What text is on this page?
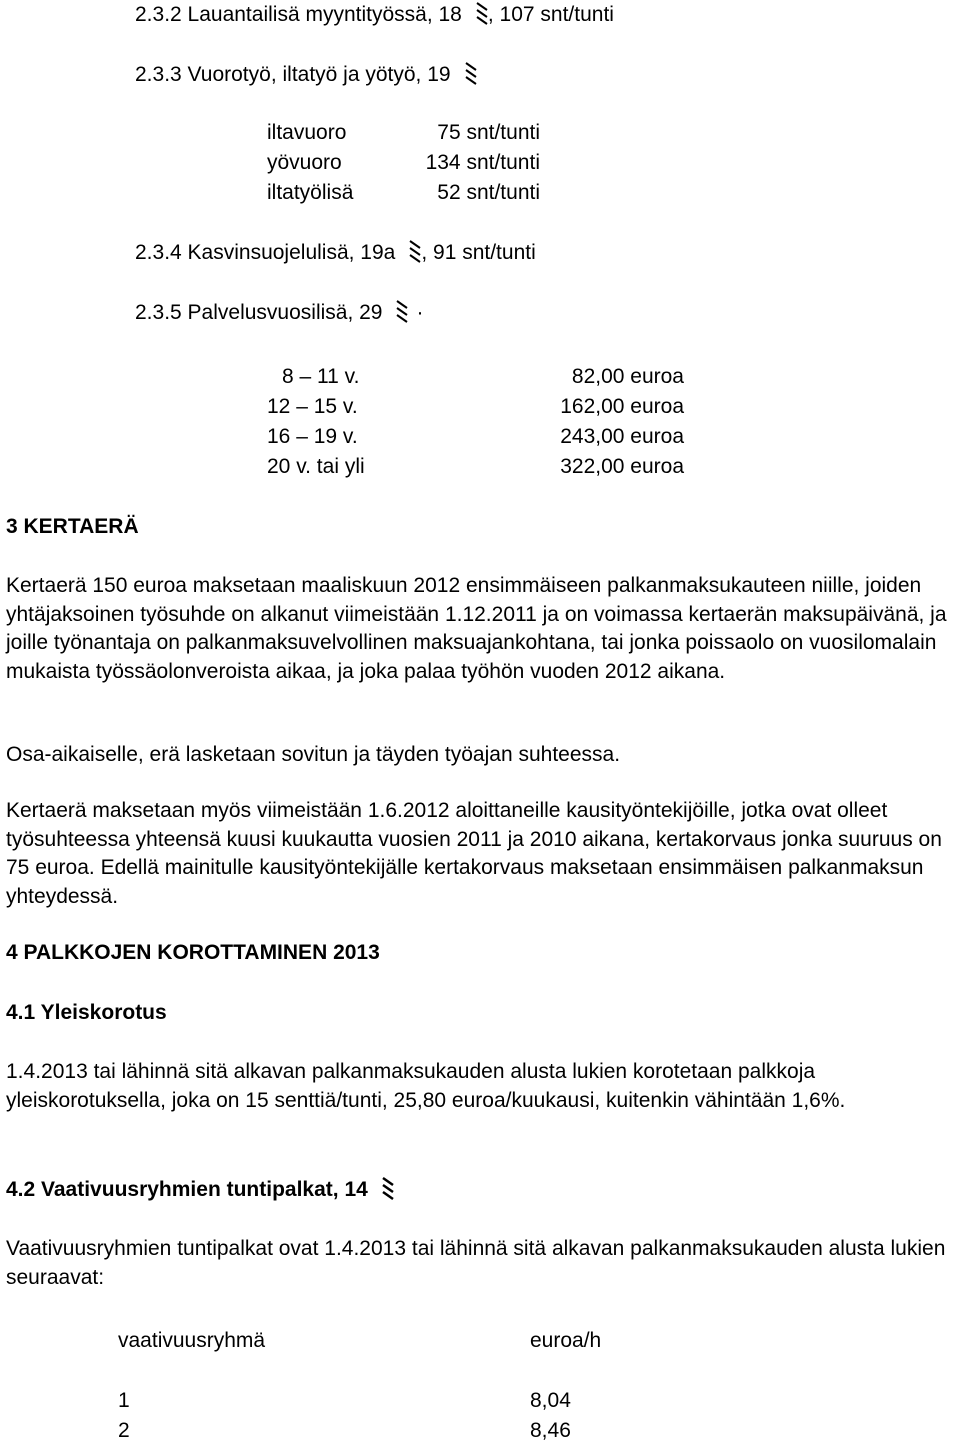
2.3.2 Lauantailisä myyntityössä, 18 , 107 snt/tunti
2.3.3 Vuorotyö, iltatyö ja yötyö, 19
iltavuoro	75 snt/tunti
yövuoro	134 snt/tunti
iltatyölisä	52 snt/tunti
2.3.4 Kasvinsuojelulisä, 19a , 91 snt/tunti
2.3.5 Palvelusvuosilisä, 29 ·
8 – 11 v.	82,00 euroa
12 – 15 v.	162,00 euroa
16 – 19 v.	243,00 euroa
20 v. tai yli	322,00 euroa
3 KERTAERÄ

Kertaerä 150 euroa maksetaan maaliskuun 2012 ensimmäiseen palkanmaksukauteen niille, joiden yhtäjaksoinen työsuhde on alkanut viimeistään 1.12.2011 ja on voimassa kertaerän maksupäivänä, ja joille työnantaja on palkanmaksuvelvollinen maksuajankohtana, tai jonka poissaolo on vuosilomalain mukaista työssäolonveroista aikaa, ja joka palaa työhön vuoden 2012 aikana.

Osa-aikaiselle, erä lasketaan sovitun ja täyden työajan suhteessa.

Kertaerä maksetaan myös viimeistään 1.6.2012 aloittaneille kausityöntekijöille, jotka ovat olleet työsuhteessa yhteensä kuusi kuukautta vuosien 2011 ja 2010 aikana, kertakorvaus jonka suuruus on 75 euroa. Edellä mainitulle kausityöntekijälle kertakorvaus maksetaan ensimmäisen palkanmaksun yhteydessä.

4 PALKKOJEN KOROTTAMINEN 2013
4.1 Yleiskorotus

1.4.2013 tai lähinnä sitä alkavan palkanmaksukauden alusta lukien korotetaan palkkoja yleiskorotuksella, joka on 15 senttiä/tunti, 25,80 euroa/kuukausi, kuitenkin vähintään 1,6%.

4.2 Vaativuusryhmien tuntipalkat, 14

Vaativuusryhmien tuntipalkat ovat 1.4.2013 tai lähinnä sitä alkavan palkanmaksukauden alusta lukien seuraavat:

vaativuusryhmä	euroa/h
1	8,04
2	8,46
